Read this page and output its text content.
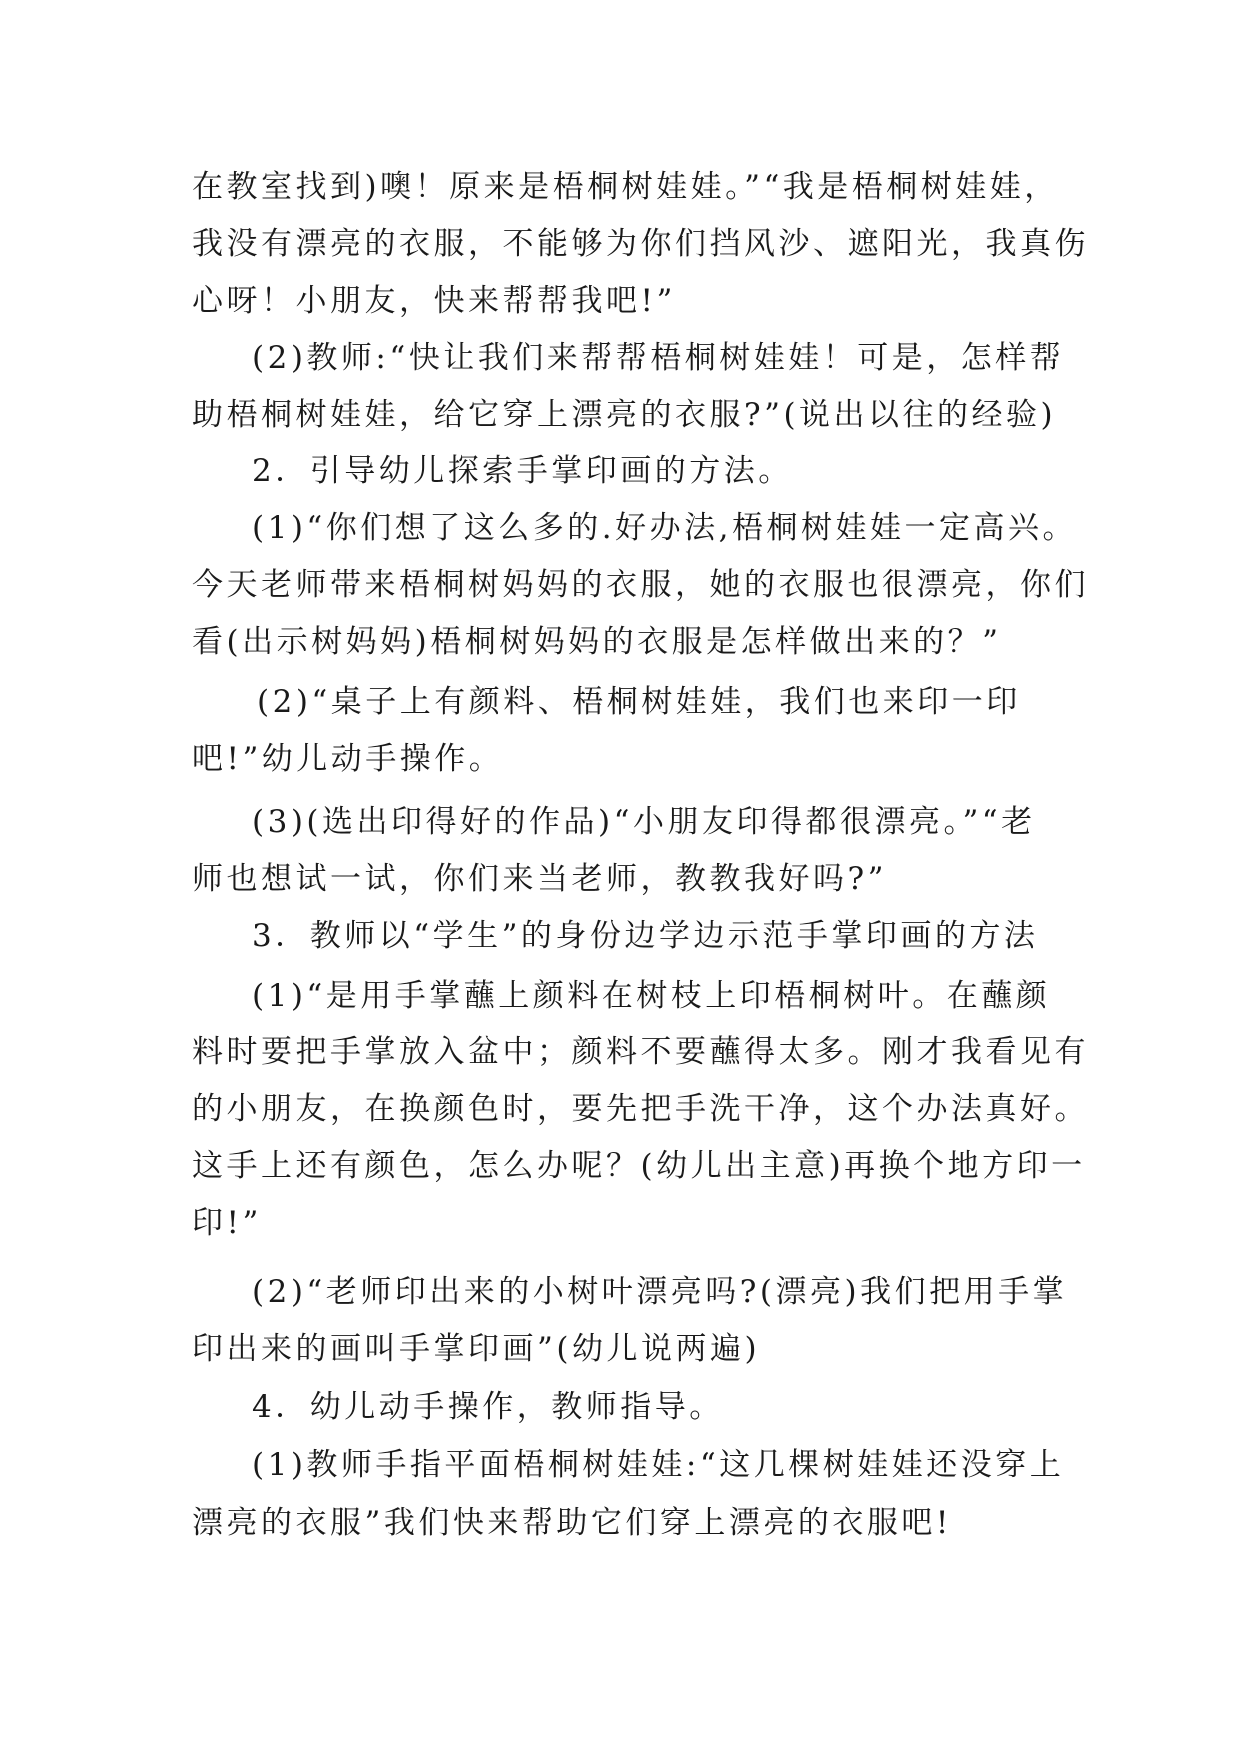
在教室找到)噢！原来是梧桐树娃娃。”“我是梧桐树娃娃，
我没有漂亮的衣服，不能够为你们挡风沙、遮阳光，我真伤
心呀！小朋友，快来帮帮我吧!”
(2)教师:“快让我们来帮帮梧桐树娃娃！可是，怎样帮
助梧桐树娃娃，给它穿上漂亮的衣服?”(说出以往的经验)
2．引导幼儿探索手掌印画的方法。
(1)“你们想了这么多的.好办法,梧桐树娃娃一定高兴。
今天老师带来梧桐树妈妈的衣服，她的衣服也很漂亮，你们
看(出示树妈妈)梧桐树妈妈的衣服是怎样做出来的？”
(2)“桌子上有颜料、梧桐树娃娃，我们也来印一印
吧!”幼儿动手操作。
(3)(选出印得好的作品)“小朋友印得都很漂亮。”“老
师也想试一试，你们来当老师，教教我好吗?”
3．教师以“学生”的身份边学边示范手掌印画的方法
(1)“是用手掌蘸上颜料在树枝上印梧桐树叶。在蘸颜
料时要把手掌放入盆中；颜料不要蘸得太多。刚才我看见有
的小朋友，在换颜色时，要先把手洗干净，这个办法真好。
这手上还有颜色，怎么办呢？(幼儿出主意)再换个地方印一
印!”
(2)“老师印出来的小树叶漂亮吗?(漂亮)我们把用手掌
印出来的画叫手掌印画”(幼儿说两遍)
4．幼儿动手操作，教师指导。
(1)教师手指平面梧桐树娃娃:“这几棵树娃娃还没穿上
漂亮的衣服”我们快来帮助它们穿上漂亮的衣服吧!
